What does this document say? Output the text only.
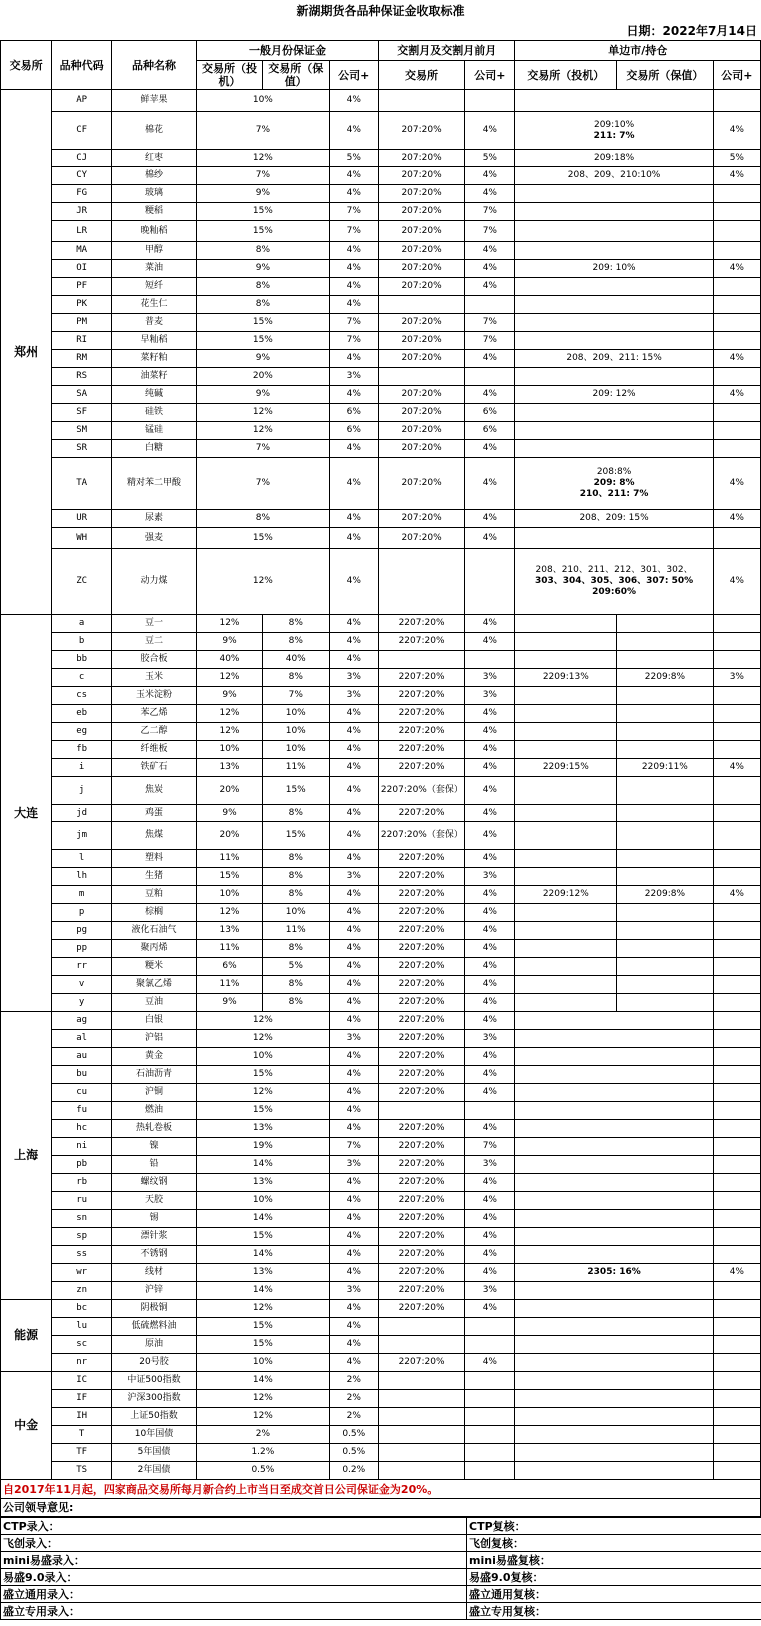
新湖期货各品种保证金收取标准
日期：2022年7月14日
交易所	品种代码	品种名称	一般月份保证金			交割月及交割月前月		单边市/持仓		
			交易所（投机）	交易所（保值）	公司+	交易所	公司+	交易所（投机）	交易所（保值）	公司+
郑州	AP	鲜苹果	10%		4%				

	CF	棉花	7%		4%	207:20%	4%	209:10%
211: 7%		4%
	CJ	红枣	12%		5%	207:20%	5%	209:18%		5%
	CY	棉纱	7%		4%	207:20%	4%	208、209、210:10%		4%
	FG	玻璃	9%		4%	207:20%	4%		

	JR	粳稻	15%		7%	207:20%	7%		

	LR	晚籼稻	15%		7%	207:20%	7%		

	MA	甲醇	8%		4%	207:20%	4%		

	OI	菜油	9%		4%	207:20%	4%	209: 10%		4%
	PF	短纤	8%		4%	207:20%	4%		

	PK	花生仁	8%		4%				

	PM	普麦	15%		7%	207:20%	7%		

	RI	早籼稻	15%		7%	207:20%	7%		

	RM	菜籽粕	9%		4%	207:20%	4%	208、209、211: 15%		4%
	RS	油菜籽	20%		3%				

	SA	纯碱	9%		4%	207:20%	4%	209: 12%		4%
	SF	硅铁	12%		6%	207:20%	6%		

	SM	锰硅	12%		6%	207:20%	6%		

	SR	白糖	7%		4%	207:20%	4%		

	TA	精对苯二甲酸	7%		4%	207:20%	4%	208:8%
209: 8%
210、211: 7%		4%
	UR	尿素	8%		4%	207:20%	4%	208、209: 15%		4%
	WH	强麦	15%		4%	207:20%	4%		

	ZC	动力煤	12%		4%			208、210、211、212、301、302、
303、304、305、306、307: 50%
209:60%		4%
大连	a	豆一	12%	8%	4%	2207:20%	4%			
	b	豆二	9%	8%	4%	2207:20%	4%			
	bb	胶合板	40%	40%	4%					
	c	玉米	12%	8%	3%	2207:20%	3%	2209:13%	2209:8%	3%
	cs	玉米淀粉	9%	7%	3%	2207:20%	3%			
	eb	苯乙烯	12%	10%	4%	2207:20%	4%			
	eg	乙二醇	12%	10%	4%	2207:20%	4%			
	fb	纤维板	10%	10%	4%	2207:20%	4%			
	i	铁矿石	13%	11%	4%	2207:20%	4%	2209:15%	2209:11%	4%
	j	焦炭	20%	15%	4%	2207:20%（套保）	4%			
	jd	鸡蛋	9%	8%	4%	2207:20%	4%			
	jm	焦煤	20%	15%	4%	2207:20%（套保）	4%			
	l	塑料	11%	8%	4%	2207:20%	4%			
	lh	生猪	15%	8%	3%	2207:20%	3%			
	m	豆粕	10%	8%	4%	2207:20%	4%	2209:12%	2209:8%	4%
	p	棕榈	12%	10%	4%	2207:20%	4%			
	pg	液化石油气	13%	11%	4%	2207:20%	4%			
	pp	聚丙烯	11%	8%	4%	2207:20%	4%			
	rr	粳米	6%	5%	4%	2207:20%	4%			
	v	聚氯乙烯	11%	8%	4%	2207:20%	4%			
	y	豆油	9%	8%	4%	2207:20%	4%			
上海	ag	白银	12%		4%	2207:20%	4%		

	al	沪铝	12%		3%	2207:20%	3%		

	au	黄金	10%		4%	2207:20%	4%		

	bu	石油沥青	15%		4%	2207:20%	4%		

	cu	沪铜	12%		4%	2207:20%	4%		

	fu	燃油	15%		4%				

	hc	热轧卷板	13%		4%	2207:20%	4%		

	ni	镍	19%		7%	2207:20%	7%		

	pb	铅	14%		3%	2207:20%	3%		

	rb	螺纹钢	13%		4%	2207:20%	4%		

	ru	天胶	10%		4%	2207:20%	4%		

	sn	锡	14%		4%	2207:20%	4%		

	sp	漂针浆	15%		4%	2207:20%	4%		

	ss	不锈钢	14%		4%	2207:20%	4%		

	wr	线材	13%		4%	2207:20%	4%	2305: 16%		4%
	zn	沪锌	14%		3%	2207:20%	3%		

能源	bc	阴极铜	12%		4%	2207:20%	4%		

	lu	低硫燃料油	15%		4%				

	sc	原油	15%		4%				

	nr	20号胶	10%		4%	2207:20%	4%		

中金	IC	中证500指数	14%		2%				

	IF	沪深300指数	12%		2%				

	IH	上证50指数	12%		2%				

	T	10年国债	2%		0.5%				

	TF	5年国债	1.2%		0.5%				

	TS	2年国债	0.5%		0.2%				

自2017年11月起，四家商品交易所每月新合约上市当日至成交首日公司保证金为20%。										
公司领导意见:										
CTP录入：	CTP复核：
飞创录入：	飞创复核：
mini易盛录入：	mini易盛复核：
易盛9.0录入：	易盛9.0复核：
盛立通用录入：	盛立通用复核：
盛立专用录入：	盛立专用复核：
